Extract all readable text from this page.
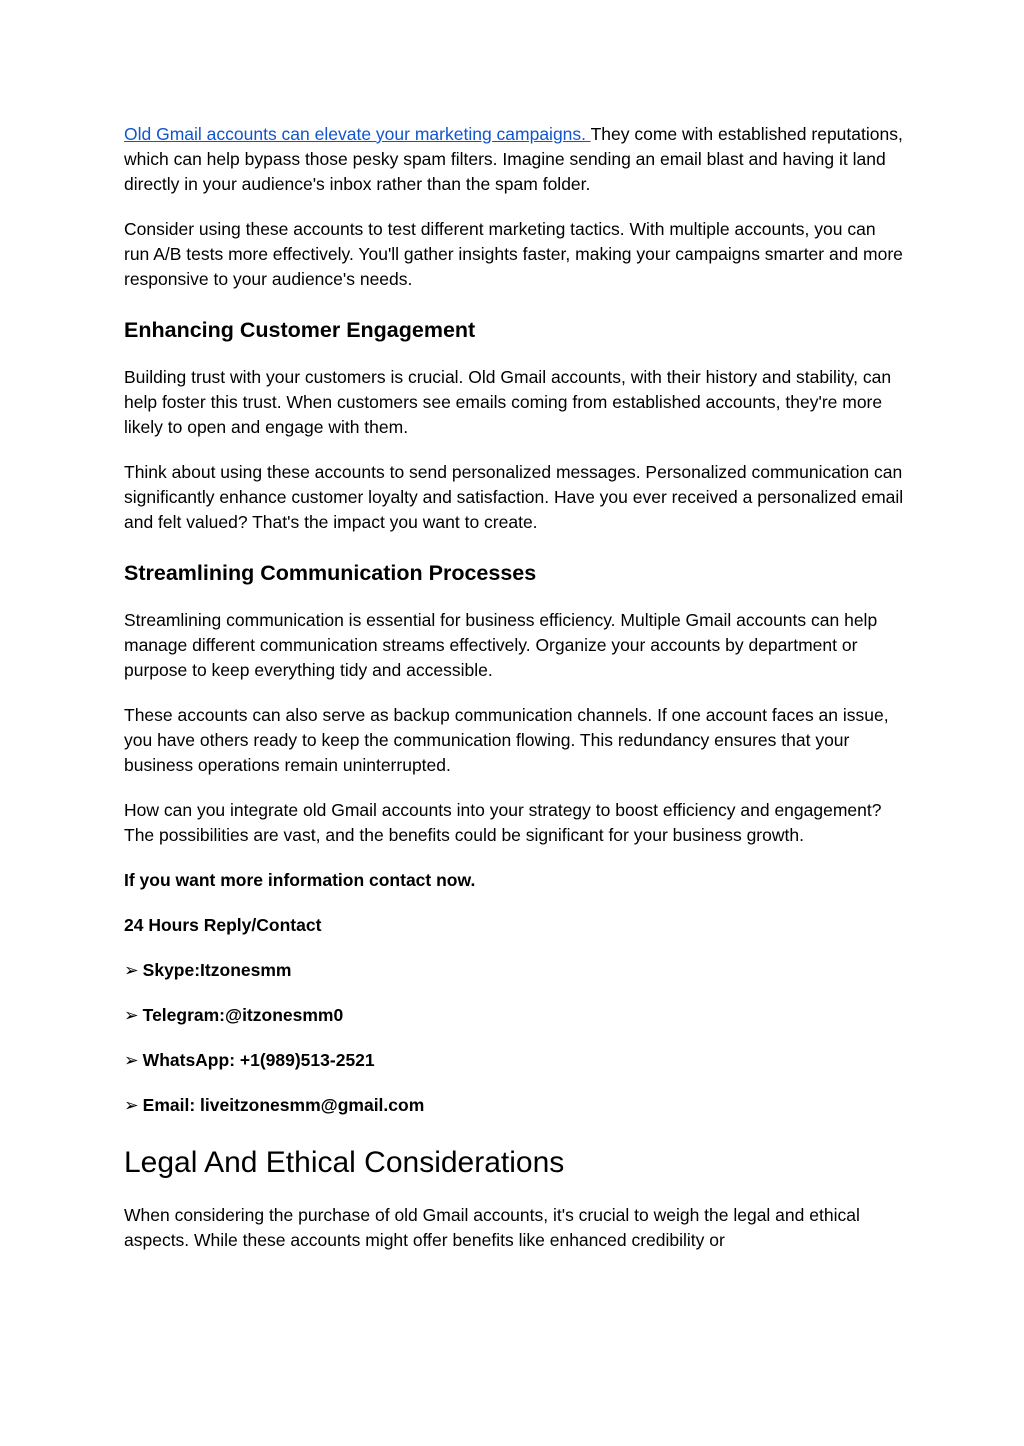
Old Gmail accounts can elevate your marketing campaigns. They come with established reputations, which can help bypass those pesky spam filters. Imagine sending an email blast and having it land directly in your audience's inbox rather than the spam folder.

Consider using these accounts to test different marketing tactics. With multiple accounts, you can run A/B tests more effectively. You'll gather insights faster, making your campaigns smarter and more responsive to your audience's needs.

Enhancing Customer Engagement

Building trust with your customers is crucial. Old Gmail accounts, with their history and stability, can help foster this trust. When customers see emails coming from established accounts, they're more likely to open and engage with them.

Think about using these accounts to send personalized messages. Personalized communication can significantly enhance customer loyalty and satisfaction. Have you ever received a personalized email and felt valued? That's the impact you want to create.

Streamlining Communication Processes

Streamlining communication is essential for business efficiency. Multiple Gmail accounts can help manage different communication streams effectively. Organize your accounts by department or purpose to keep everything tidy and accessible.

These accounts can also serve as backup communication channels. If one account faces an issue, you have others ready to keep the communication flowing. This redundancy ensures that your business operations remain uninterrupted.

How can you integrate old Gmail accounts into your strategy to boost efficiency and engagement? The possibilities are vast, and the benefits could be significant for your business growth.

If you want more information contact now.

24 Hours Reply/Contact

➢ Skype:Itzonesmm

➢ Telegram:@itzonesmm0

➢ WhatsApp: +1(989)513-2521

➢ Email: liveitzonesmm@gmail.com

Legal And Ethical Considerations

When considering the purchase of old Gmail accounts, it's crucial to weigh the legal and ethical aspects. While these accounts might offer benefits like enhanced credibility or
